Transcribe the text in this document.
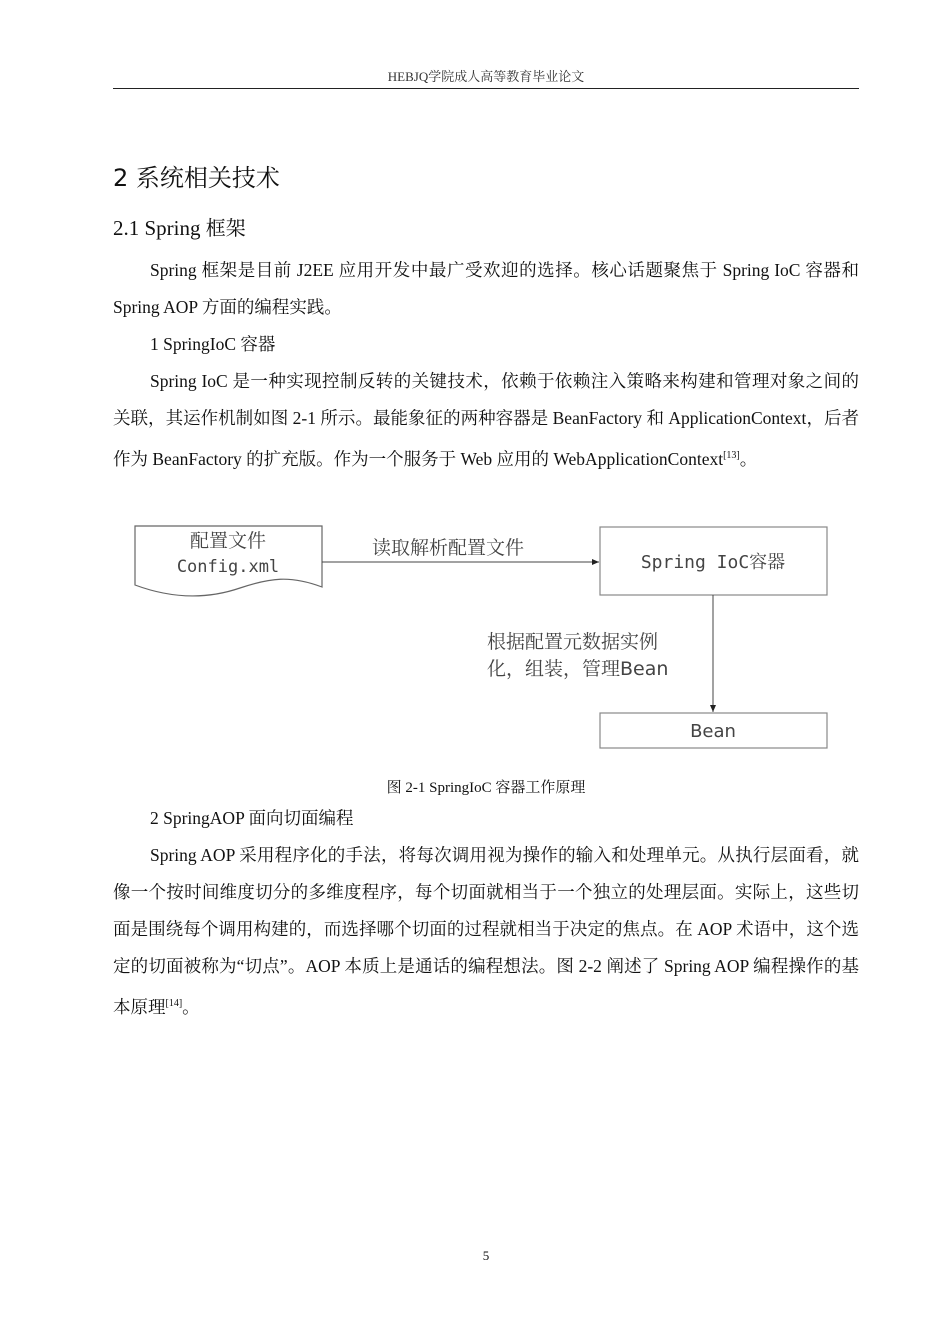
HEBJQ学院成人高等教育毕业论文
2 系统相关技术
2.1 Spring 框架

Spring 框架是目前 J2EE 应用开发中最广受欢迎的选择。核心话题聚焦于 Spring IoC 容器和 Spring AOP 方面的编程实践。

1 SpringIoC 容器

Spring IoC 是一种实现控制反转的关键技术，依赖于依赖注入策略来构建和管理对象之间的关联，其运作机制如图 2-1 所示。最能象征的两种容器是 BeanFactory 和 ApplicationContext，后者作为 BeanFactory 的扩充版。作为一个服务于 Web 应用的 WebApplicationContext[13]。

配置文件
Config.xml
读取解析配置文件
Spring IoC容器
根据配置元数据实例
化，组装，管理Bean
Bean
图 2-1 SpringIoC 容器工作原理

2 SpringAOP 面向切面编程

Spring AOP 采用程序化的手法，将每次调用视为操作的输入和处理单元。从执行层面看，就像一个按时间维度切分的多维度程序，每个切面就相当于一个独立的处理层面。实际上，这些切面是围绕每个调用构建的，而选择哪个切面的过程就相当于决定的焦点。在 AOP 术语中，这个选定的切面被称为“切点”。AOP 本质上是通话的编程想法。图 2-2 阐述了 Spring AOP 编程操作的基本原理[14]。

5
